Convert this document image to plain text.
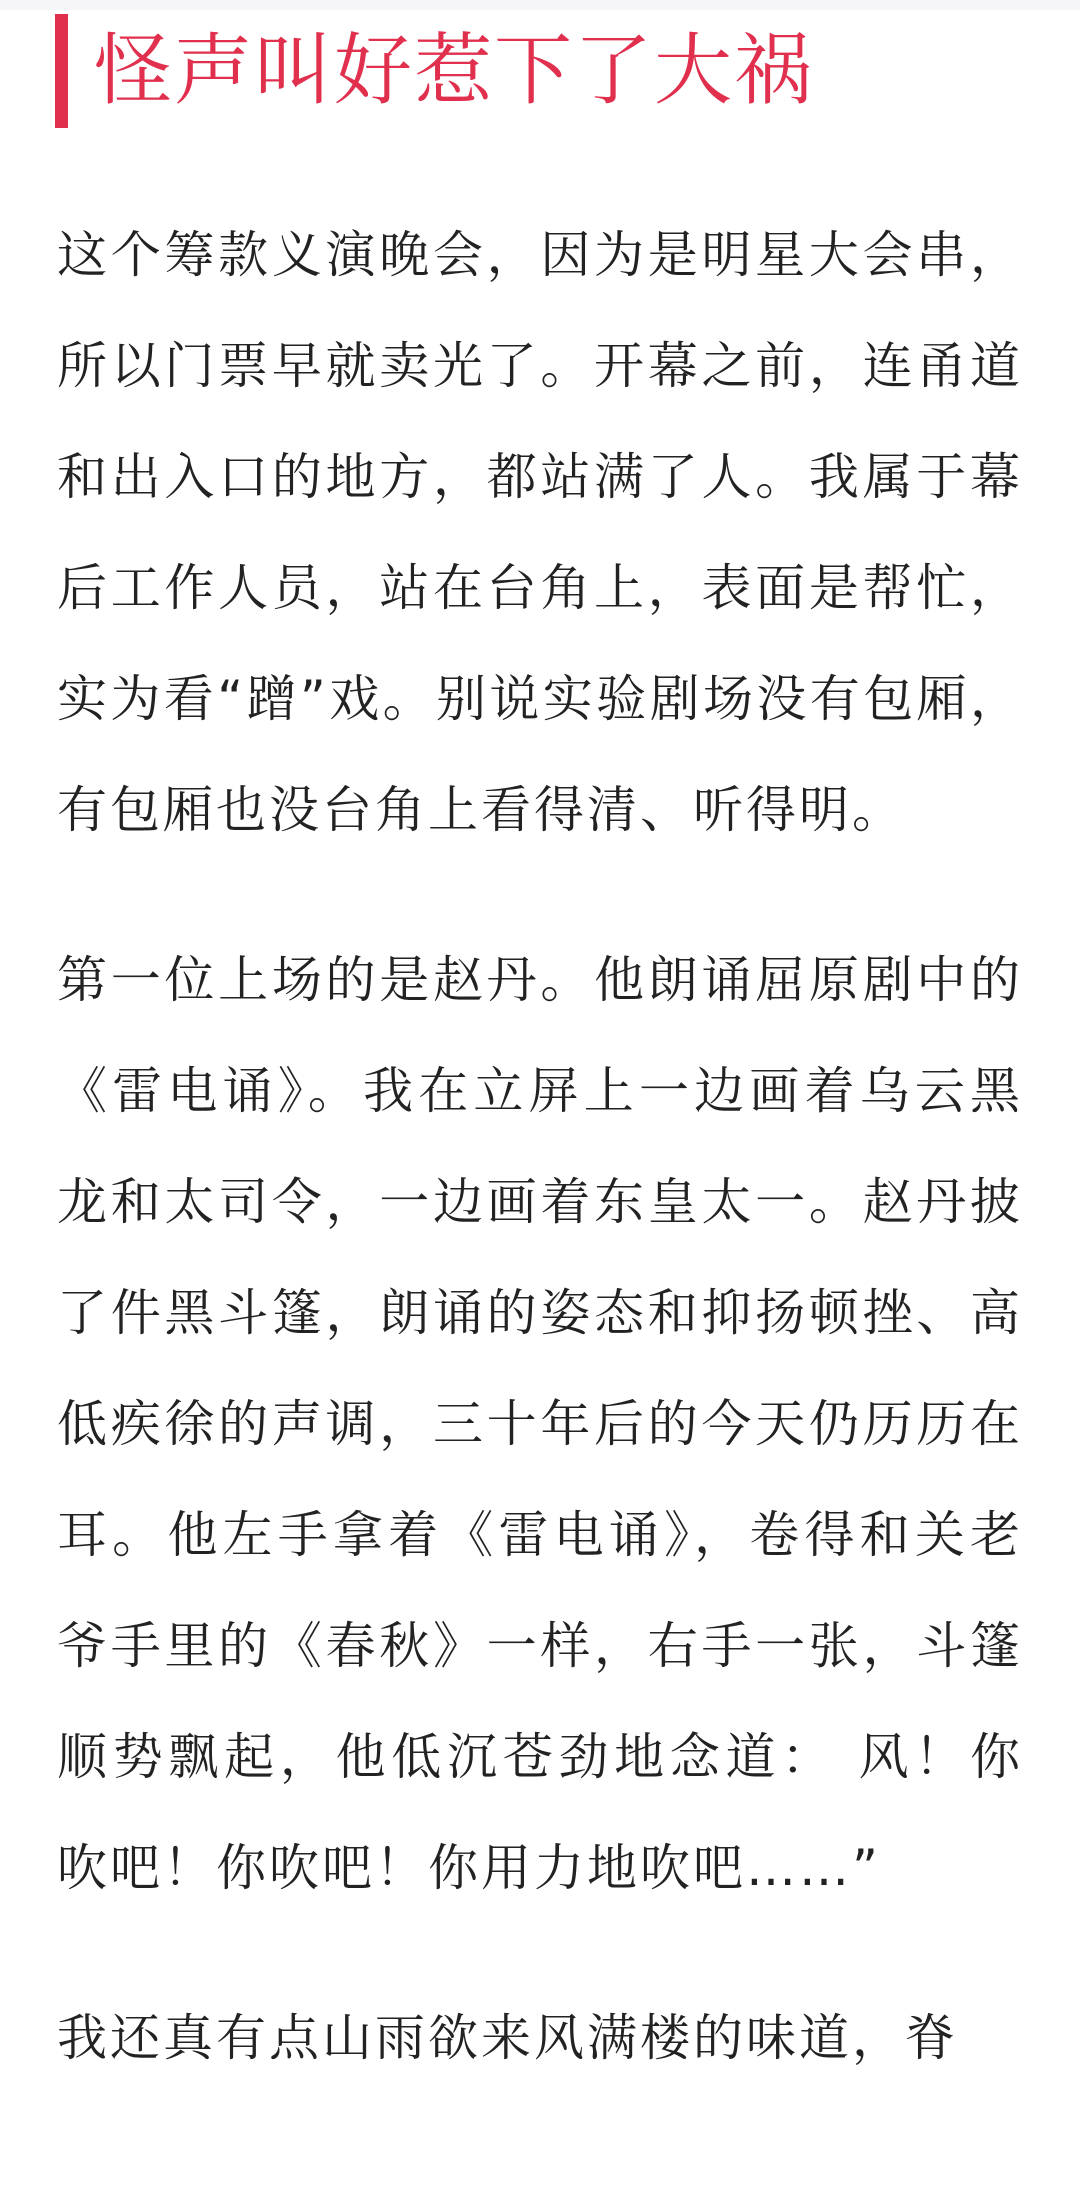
怪声叫好惹下了大祸

这个筹款义演晚会，因为是明星大会串，所以门票早就卖光了。开幕之前，连甬道和出入口的地方，都站满了人。我属于幕后工作人员，站在台角上，表面是帮忙，实为看“蹭”戏。别说实验剧场没有包厢，有包厢也没台角上看得清、听得明。

第一位上场的是赵丹。他朗诵屈原剧中的《雷电诵》。我在立屏上一边画着乌云黑龙和太司令，一边画着东皇太一。赵丹披了件黑斗篷，朗诵的姿态和抑扬顿挫、高低疾徐的声调，三十年后的今天仍历历在耳。他左手拿着《雷电诵》，卷得和关老爷手里的《春秋》一样，右手一张，斗篷顺势飘起，他低沉苍劲地念道： 风！你吹吧！你吹吧！你用力地吹吧……”

我还真有点山雨欲来风满楼的味道，脊
